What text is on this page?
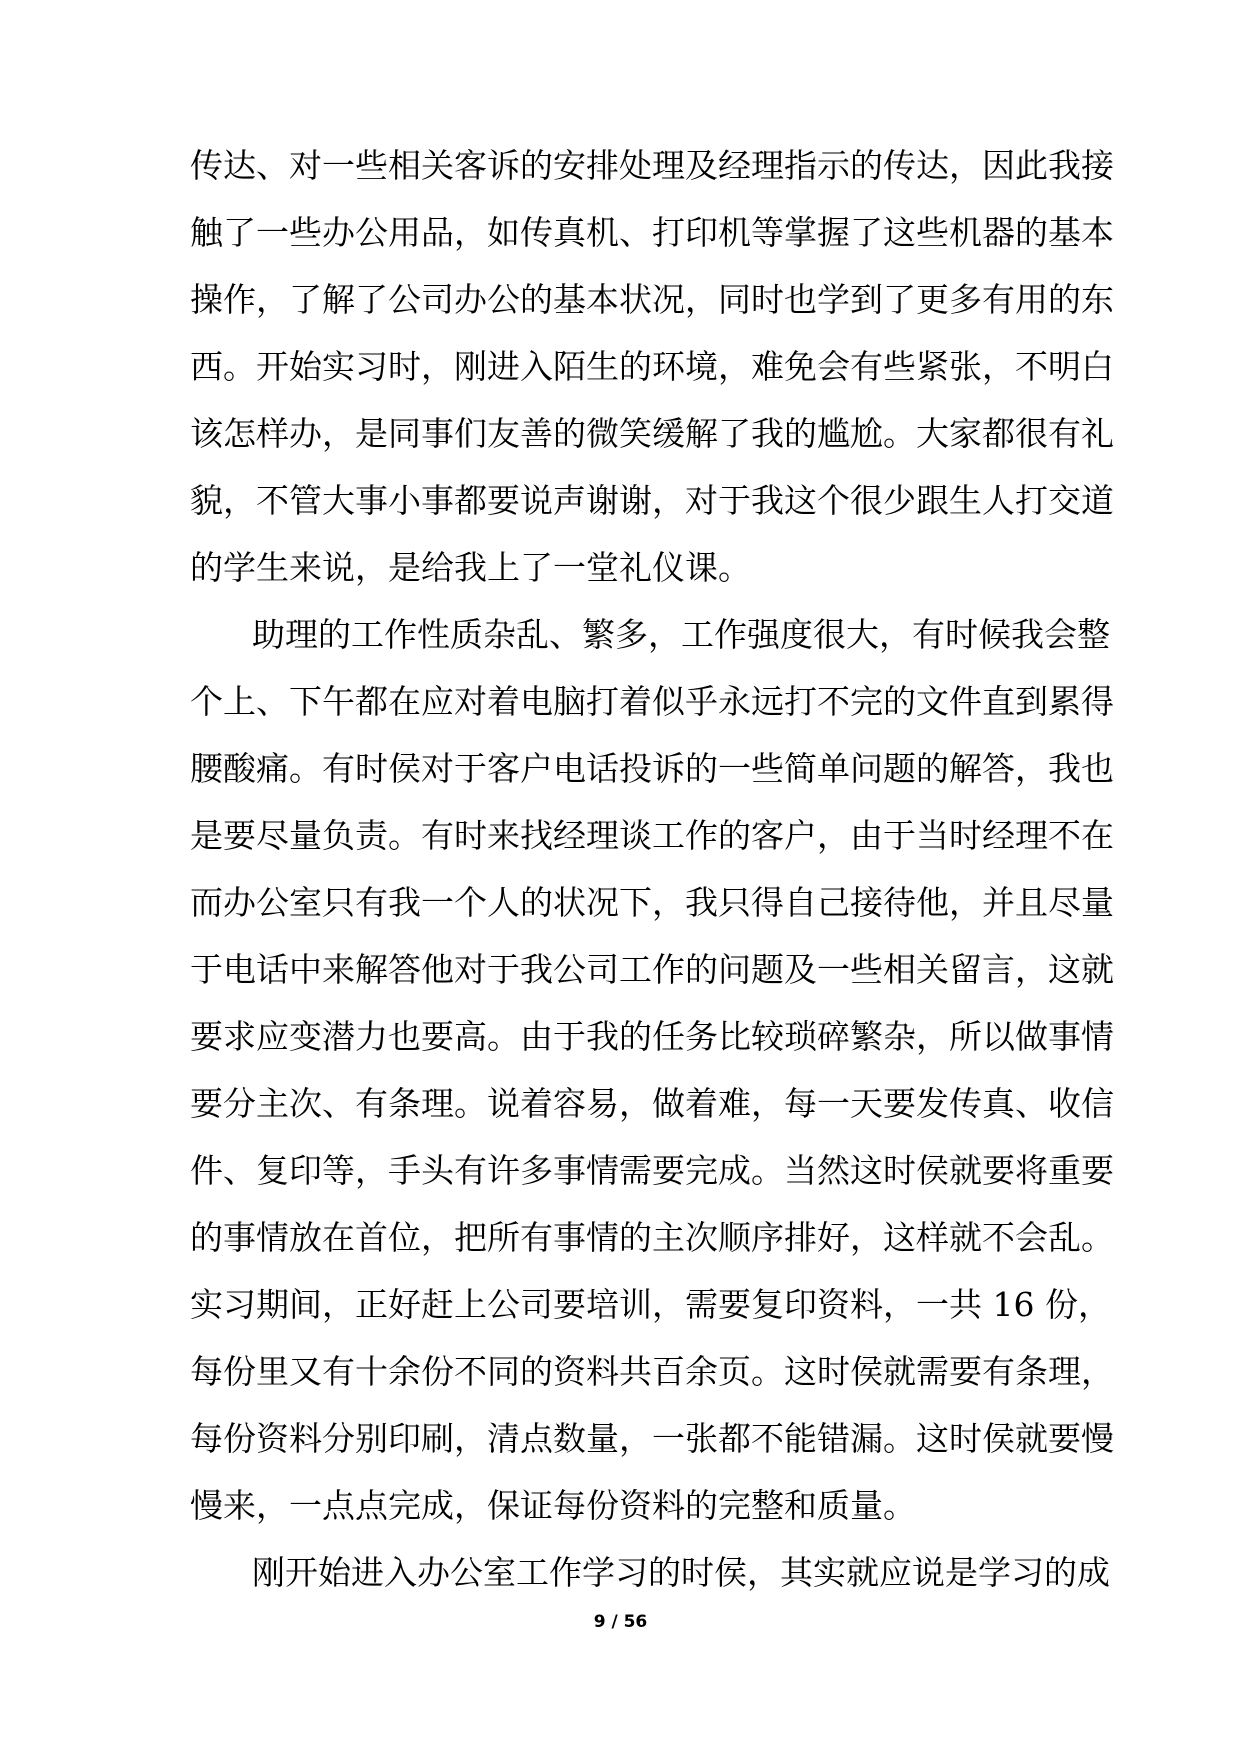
传达、对一些相关客诉的安排处理及经理指示的传达，因此我接
触了一些办公用品，如传真机、打印机等掌握了这些机器的基本
操作，了解了公司办公的基本状况，同时也学到了更多有用的东
西。开始实习时，刚进入陌生的环境，难免会有些紧张，不明白
该怎样办，是同事们友善的微笑缓解了我的尴尬。大家都很有礼
貌，不管大事小事都要说声谢谢，对于我这个很少跟生人打交道
的学生来说，是给我上了一堂礼仪课。
助理的工作性质杂乱、繁多，工作强度很大，有时候我会整
个上、下午都在应对着电脑打着似乎永远打不完的文件直到累得
腰酸痛。有时侯对于客户电话投诉的一些简单问题的解答，我也
是要尽量负责。有时来找经理谈工作的客户，由于当时经理不在
而办公室只有我一个人的状况下，我只得自己接待他，并且尽量
于电话中来解答他对于我公司工作的问题及一些相关留言，这就
要求应变潜力也要高。由于我的任务比较琐碎繁杂，所以做事情
要分主次、有条理。说着容易，做着难，每一天要发传真、收信
件、复印等，手头有许多事情需要完成。当然这时侯就要将重要
的事情放在首位，把所有事情的主次顺序排好，这样就不会乱。
实习期间，正好赶上公司要培训，需要复印资料，一共 16 份，
每份里又有十余份不同的资料共百余页。这时侯就需要有条理，
每份资料分别印刷，清点数量，一张都不能错漏。这时侯就要慢
慢来，一点点完成，保证每份资料的完整和质量。
刚开始进入办公室工作学习的时侯，其实就应说是学习的成
9 / 56
